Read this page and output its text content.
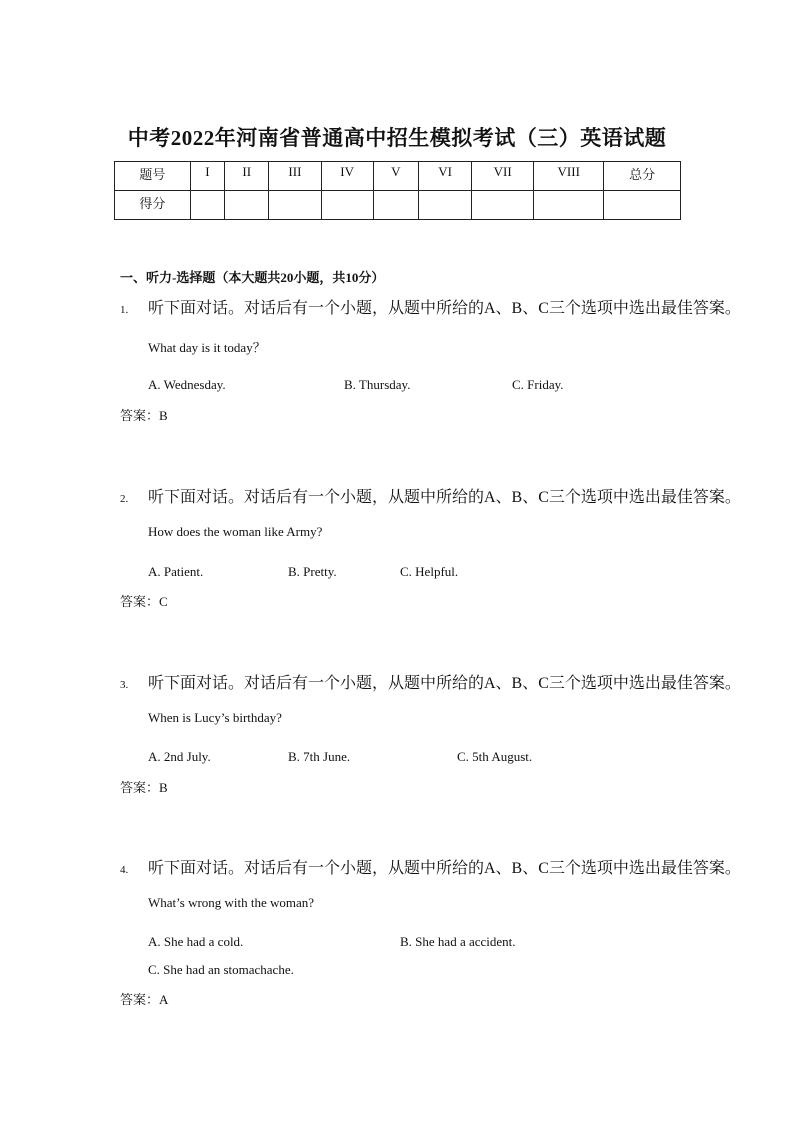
中考2022年河南省普通高中招生模拟考试（三）英语试题
题号	I	II	III	IV	V	VI	VII	VIII	总分
得分									
一、听力-选择题（本大题共20小题，共10分）
1. 听下面对话。对话后有一个小题，从题中所给的A、B、C三个选项中选出最佳答案。
What day is it today？
A. Wednesday.	B. Thursday.	C. Friday.
答案：B
2. 听下面对话。对话后有一个小题，从题中所给的A、B、C三个选项中选出最佳答案。
How does the woman like Army?
A. Patient.	B. Pretty.	C. Helpful.
答案：C
3. 听下面对话。对话后有一个小题，从题中所给的A、B、C三个选项中选出最佳答案。
When is Lucy’s birthday?
A. 2nd July.	B. 7th June.	C. 5th August.
答案：B
4. 听下面对话。对话后有一个小题，从题中所给的A、B、C三个选项中选出最佳答案。
What’s wrong with the woman?
A. She had a cold.	B. She had a accident.
C. She had an stomachache.
答案：A
